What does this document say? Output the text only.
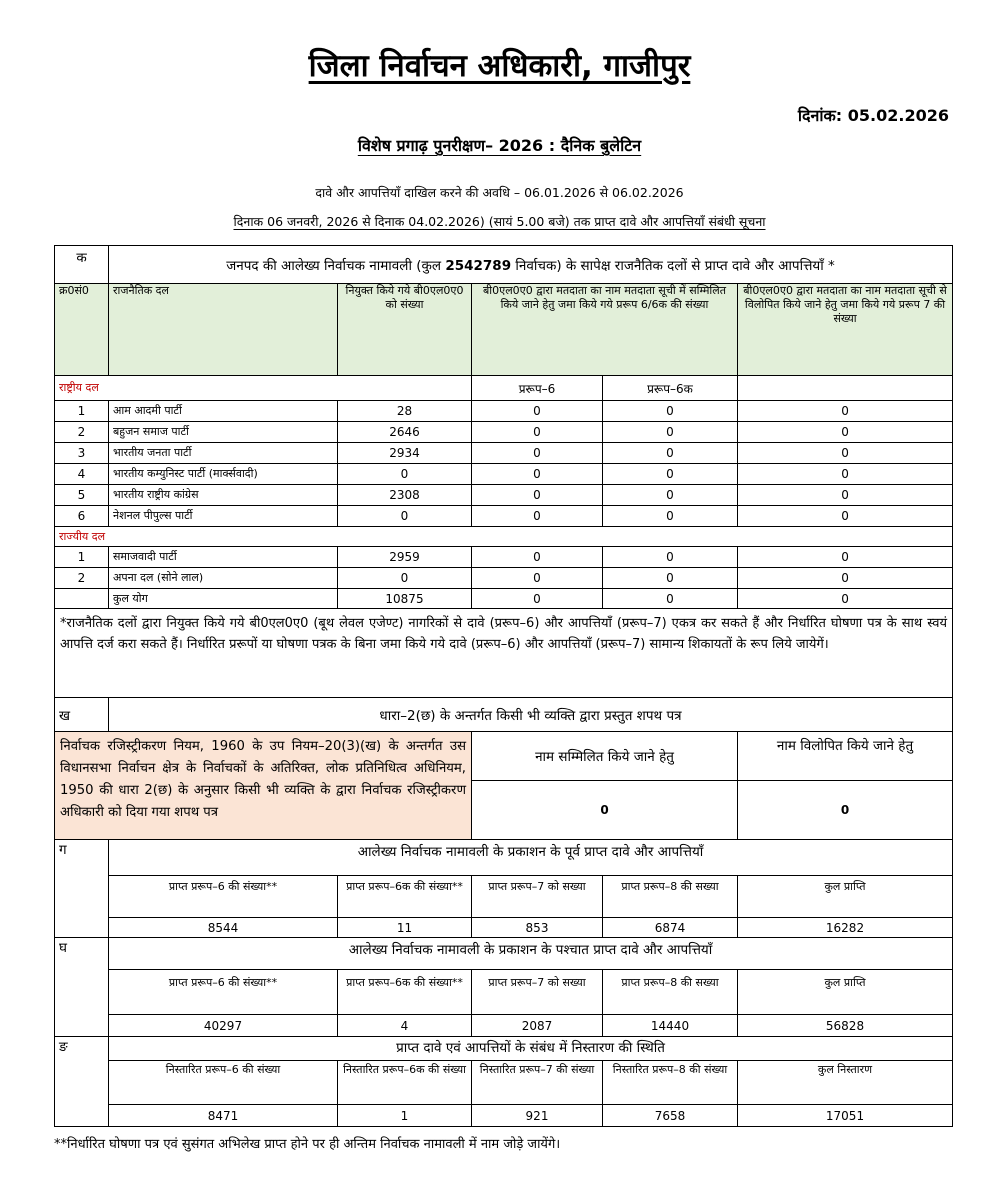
जिला निर्वाचन अधिकारी, गाजीपुर
दिनांक: 05.02.2026
विशेष प्रगाढ़ पुनरीक्षण– 2026 : दैनिक बुलेटिन
दावे और आपत्तियाँ दाखिल करने की अवधि – 06.01.2026 से 06.02.2026
दिनाक 06 जनवरी, 2026 से दिनाक 04.02.2026) (सायं 5.00 बजे) तक प्राप्त दावे और आपत्तियाँ संबंधी सूचना
क	जनपद की आलेख्य निर्वाचक नामावली (कुल 2542789 निर्वाचक) के सापेक्ष राजनैतिक दलों से प्राप्त दावे और आपत्तियाँ *				
क्र0सं0	राजनैतिक दल	नियुक्त किये गये बी0एल0ए0 को संख्या	बी0एल0ए0 द्वारा मतदाता का नाम मतदाता सूची में सम्मिलित किये जाने हेतु जमा किये गये प्ररूप 6/6क की संख्या		बी0एल0ए0 द्वारा मतदाता का नाम मतदाता सूची से विलोपित किये जाने हेतु जमा किये गये प्ररूप 7 की संख्या
राष्ट्रीय दल			प्ररूप–6	प्ररूप–6क	
1	आम आदमी पार्टी	28	0	0	0
2	बहुजन समाज पार्टी	2646	0	0	0
3	भारतीय जनता पार्टी	2934	0	0	0
4	भारतीय कम्युनिस्ट पार्टी (मार्क्सवादी)	0	0	0	0
5	भारतीय राष्ट्रीय कांग्रेस	2308	0	0	0
6	नेशनल पीपुल्स पार्टी	0	0	0	0
राज्यीय दल					
1	समाजवादी पार्टी	2959	0	0	0
2	अपना दल (सोने लाल)	0	0	0	0
	कुल योग	10875	0	0	0
*राजनैतिक दलों द्वारा नियुक्त किये गये बी0एल0ए0 (बूथ लेवल एजेण्ट) नागरिकों से दावे (प्ररूप–6) और आपत्तियाँ (प्ररूप–7) एकत्र कर सकते हैं और निर्धारित घोषणा पत्र के साथ स्वयं आपत्ति दर्ज करा सकते हैं। निर्धारित प्ररूपों या घोषणा पत्रक के बिना जमा किये गये दावे (प्ररूप–6) और आपत्तियाँ (प्ररूप–7) सामान्य शिकायतों के रूप लिये जायेगें।					
ख	धारा–2(छ) के अन्तर्गत किसी भी व्यक्ति द्वारा प्रस्तुत शपथ पत्र				
निर्वाचक रजिस्ट्रीकरण नियम, 1960 के उप नियम–20(3)(ख) के अन्तर्गत उस विधानसभा निर्वाचन क्षेत्र के निर्वाचकों के अतिरिक्त, लोक प्रतिनिधित्व अधिनियम, 1950 की धारा 2(छ) के अनुसार किसी भी व्यक्ति के द्वारा निर्वाचक रजिस्ट्रीकरण अधिकारी को दिया गया शपथ पत्र			नाम सम्मिलित किये जाने हेतु		नाम विलोपित किये जाने हेतु
			0		0
ग	आलेख्य निर्वाचक नामावली के प्रकाशन के पूर्व प्राप्त दावे और आपत्तियाँ				
	प्राप्त प्ररूप–6 की संख्या**	प्राप्त प्ररूप–6क की संख्या**	प्राप्त प्ररूप–7 को सख्या	प्राप्त प्ररूप–8 की सख्या	कुल प्राप्ति
	8544	11	853	6874	16282
घ	आलेख्य निर्वाचक नामावली के प्रकाशन के पश्चात प्राप्त दावे और आपत्तियाँ				
	प्राप्त प्ररूप–6 की संख्या**	प्राप्त प्ररूप–6क की संख्या**	प्राप्त प्ररूप–7 को सख्या	प्राप्त प्ररूप–8 की सख्या	कुल प्राप्ति
	40297	4	2087	14440	56828
ङ	प्राप्त दावे एवं आपत्तियों के संबंध में निस्तारण की स्थिति				
	निस्तारित प्ररूप–6 की संख्या	निस्तारित प्ररूप–6क की संख्या	निस्तारित प्ररूप–7 की संख्या	निस्तारित प्ररूप–8 की संख्या	कुल निस्तारण
	8471	1	921	7658	17051
**निर्धारित घोषणा पत्र एवं सुसंगत अभिलेख प्राप्त होने पर ही अन्तिम निर्वाचक नामावली में नाम जोड़े जायेंगे।
